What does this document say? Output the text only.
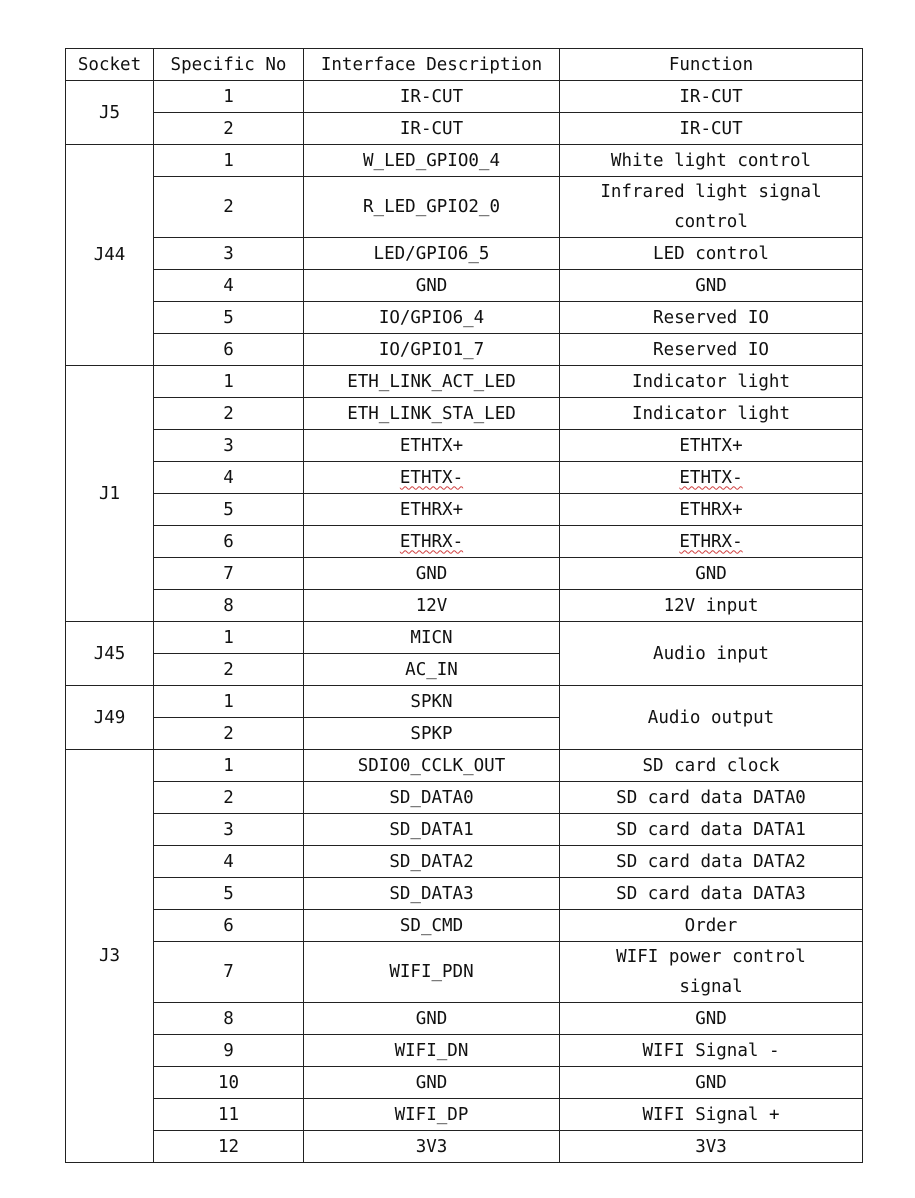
Socket	Specific No	Interface Description	Function
J5	1	IR-CUT	IR-CUT
	2	IR-CUT	IR-CUT
J44	1	W_LED_GPIO0_4	White light control
	2	R_LED_GPIO2_0	Infrared light signal control
	3	LED/GPIO6_5	LED control
	4	GND	GND
	5	IO/GPIO6_4	Reserved IO
	6	IO/GPIO1_7	Reserved IO
J1	1	ETH_LINK_ACT_LED	Indicator light
	2	ETH_LINK_STA_LED	Indicator light
	3	ETHTX+	ETHTX+
	4	ETHTX-	ETHTX-
	5	ETHRX+	ETHRX+
	6	ETHRX-	ETHRX-
	7	GND	GND
	8	12V	12V input
J45	1	MICN	Audio input
	2	AC_IN	
J49	1	SPKN	Audio output
	2	SPKP	
J3	1	SDIO0_CCLK_OUT	SD card clock
	2	SD_DATA0	SD card data DATA0
	3	SD_DATA1	SD card data DATA1
	4	SD_DATA2	SD card data DATA2
	5	SD_DATA3	SD card data DATA3
	6	SD_CMD	Order
	7	WIFI_PDN	WIFI power control signal
	8	GND	GND
	9	WIFI_DN	WIFI Signal -
	10	GND	GND
	11	WIFI_DP	WIFI Signal +
	12	3V3	3V3
